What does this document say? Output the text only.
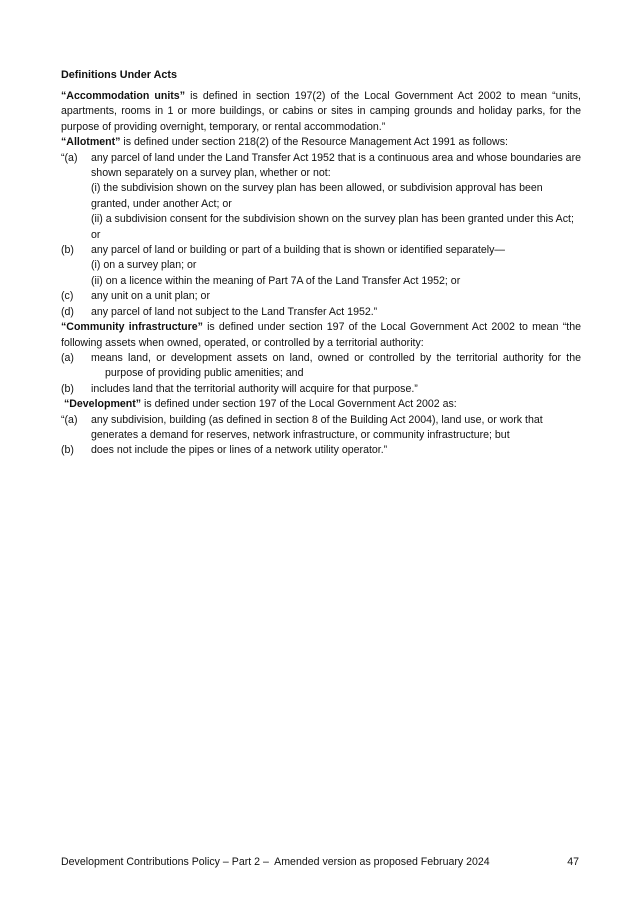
Definitions Under Acts

“Accommodation units” is defined in section 197(2) of the Local Government Act 2002 to mean “units, apartments, rooms in 1 or more buildings, or cabins or sites in camping grounds and holiday parks, for the purpose of providing overnight, temporary, or rental accommodation.”

“Allotment” is defined under section 218(2) of the Resource Management Act 1991 as follows:

“(a)	any parcel of land under the Land Transfer Act 1952 that is a continuous area and whose boundaries are shown separately on a survey plan, whether or not:

(i) the subdivision shown on the survey plan has been allowed, or subdivision approval has been granted, under another Act; or

(ii) a subdivision consent for the subdivision shown on the survey plan has been granted under this Act; or

(b)	any parcel of land or building or part of a building that is shown or identified separately—

(i) on a survey plan; or

(ii) on a licence within the meaning of Part 7A of the Land Transfer Act 1952; or

(c)	any unit on a unit plan; or

(d)	any parcel of land not subject to the Land Transfer Act 1952.”

“Community infrastructure” is defined under section 197 of the Local Government Act 2002 to mean “the following assets when owned, operated, or controlled by a territorial authority:

(a)	means land, or development assets on land, owned or controlled by the territorial authority for the purpose of providing public amenities; and

(b)	includes land that the territorial authority will acquire for that purpose.”

“Development” is defined under section 197 of the Local Government Act 2002 as:

“(a)	any subdivision, building (as defined in section 8 of the Building Act 2004), land use, or work that generates a demand for reserves, network infrastructure, or community infrastructure; but

(b)	does not include the pipes or lines of a network utility operator.”

Development Contributions Policy – Part 2 –  Amended version as proposed February 2024	47
